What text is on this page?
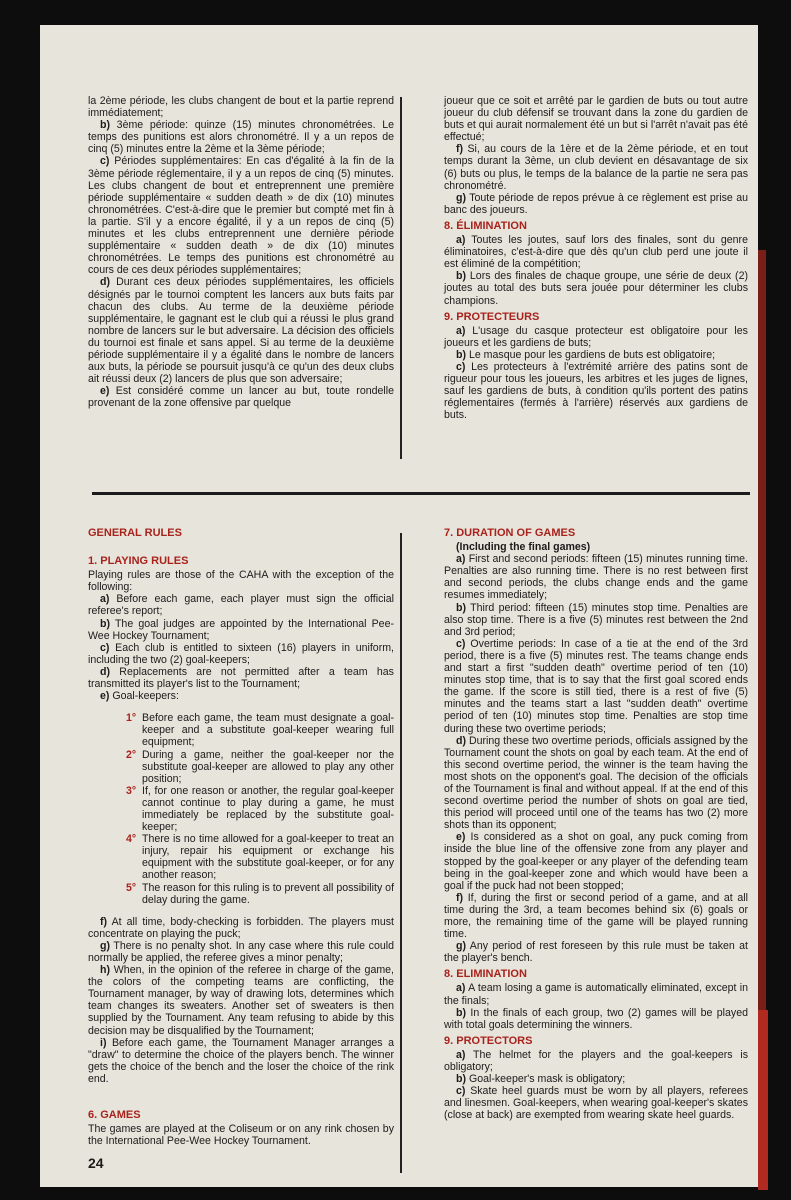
la 2ème période, les clubs changent de bout et la partie reprend immédiatement;

b) 3ème période: quinze (15) minutes chronométrées. Le temps des punitions est alors chronométré. Il y a un repos de cinq (5) minutes entre la 2ème et la 3ème période;

c) Périodes supplémentaires: En cas d'égalité à la fin de la 3ème période réglementaire, il y a un repos de cinq (5) minutes. Les clubs changent de bout et entreprennent une première période supplémentaire « sudden death » de dix (10) minutes chronométrées. C'est-à-dire que le premier but compté met fin à la partie. S'il y a encore égalité, il y a un repos de cinq (5) minutes et les clubs entreprennent une dernière période supplémentaire « sudden death » de dix (10) minutes chronométrées. Le temps des punitions est chronométré au cours de ces deux périodes supplémentaires;

d) Durant ces deux périodes supplémentaires, les officiels désignés par le tournoi comptent les lancers aux buts faits par chacun des clubs. Au terme de la deuxième période supplémentaire, le gagnant est le club qui a réussi le plus grand nombre de lancers sur le but adversaire. La décision des officiels du tournoi est finale et sans appel. Si au terme de la deuxième période supplémentaire il y a égalité dans le nombre de lancers aux buts, la période se poursuit jusqu'à ce qu'un des deux clubs ait réussi deux (2) lancers de plus que son adversaire;

e) Est considéré comme un lancer au but, toute rondelle provenant de la zone offensive par quelque

joueur que ce soit et arrêté par le gardien de buts ou tout autre joueur du club défensif se trouvant dans la zone du gardien de buts et qui aurait normalement été un but si l'arrêt n'avait pas été effectué;

f) Si, au cours de la 1ère et de la 2ème période, et en tout temps durant la 3ème, un club devient en désavantage de six (6) buts ou plus, le temps de la balance de la partie ne sera pas chronométré.

g) Toute période de repos prévue à ce règlement est prise au banc des joueurs.

8. ÉLIMINATION

a) Toutes les joutes, sauf lors des finales, sont du genre éliminatoires, c'est-à-dire que dès qu'un club perd une joute il est éliminé de la compétition;

b) Lors des finales de chaque groupe, une série de deux (2) joutes au total des buts sera jouée pour déterminer les clubs champions.

9. PROTECTEURS

a) L'usage du casque protecteur est obligatoire pour les joueurs et les gardiens de buts;

b) Le masque pour les gardiens de buts est obligatoire;

c) Les protecteurs à l'extrémité arrière des patins sont de rigueur pour tous les joueurs, les arbitres et les juges de lignes, sauf les gardiens de buts, à condition qu'ils portent des patins réglementaires (fermés à l'arrière) réservés aux gardiens de buts.

GENERAL RULES
1. PLAYING RULES

Playing rules are those of the CAHA with the exception of the following:

a) Before each game, each player must sign the official referee's report;

b) The goal judges are appointed by the International Pee-Wee Hockey Tournament;

c) Each club is entitled to sixteen (16) players in uniform, including the two (2) goal-keepers;

d) Replacements are not permitted after a team has transmitted its player's list to the Tournament;

e) Goal-keepers:

1° Before each game, the team must designate a goal-keeper and a substitute goal-keeper wearing full equipment;
2° During a game, neither the goal-keeper nor the substitute goal-keeper are allowed to play any other position;
3° If, for one reason or another, the regular goal-keeper cannot continue to play during a game, he must immediately be replaced by the substitute goal-keeper;
4° There is no time allowed for a goal-keeper to treat an injury, repair his equipment or exchange his equipment with the substitute goal-keeper, or for any another reason;
5° The reason for this ruling is to prevent all possibility of delay during the game.

f) At all time, body-checking is forbidden. The players must concentrate on playing the puck;

g) There is no penalty shot. In any case where this rule could normally be applied, the referee gives a minor penalty;

h) When, in the opinion of the referee in charge of the game, the colors of the competing teams are conflicting, the Tournament manager, by way of drawing lots, determines which team changes its sweaters. Another set of sweaters is then supplied by the Tournament. Any team refusing to abide by this decision may be disqualified by the Tournament;

i) Before each game, the Tournament Manager arranges a "draw" to determine the choice of the players bench. The winner gets the choice of the bench and the loser the choice of the rink end.

6. GAMES

The games are played at the Coliseum or on any rink chosen by the International Pee-Wee Hockey Tournament.

7. DURATION OF GAMES
(Including the final games)

a) First and second periods: fifteen (15) minutes running time. Penalties are also running time. There is no rest between first and second periods, the clubs change ends and the game resumes immediately;

b) Third period: fifteen (15) minutes stop time. Penalties are also stop time. There is a five (5) minutes rest between the 2nd and 3rd period;

c) Overtime periods: In case of a tie at the end of the 3rd period, there is a five (5) minutes rest. The teams change ends and start a first "sudden death" overtime period of ten (10) minutes stop time, that is to say that the first goal scored ends the game. If the score is still tied, there is a rest of five (5) minutes and the teams start a last "sudden death" overtime period of ten (10) minutes stop time. Penalties are stop time during these two overtime periods;

d) During these two overtime periods, officials assigned by the Tournament count the shots on goal by each team. At the end of this second overtime period, the winner is the team having the most shots on the opponent's goal. The decision of the officials of the Tournament is final and without appeal. If at the end of this second overtime period the number of shots on goal are tied, this period will proceed until one of the teams has two (2) more shots than its opponent;

e) Is considered as a shot on goal, any puck coming from inside the blue line of the offensive zone from any player and stopped by the goal-keeper or any player of the defending team being in the goal-keeper zone and which would have been a goal if the puck had not been stopped;

f) If, during the first or second period of a game, and at all time during the 3rd, a team becomes behind six (6) goals or more, the remaining time of the game will be played running time.

g) Any period of rest foreseen by this rule must be taken at the player's bench.

8. ELIMINATION

a) A team losing a game is automatically eliminated, except in the finals;

b) In the finals of each group, two (2) games will be played with total goals determining the winners.

9. PROTECTORS

a) The helmet for the players and the goal-keepers is obligatory;

b) Goal-keeper's mask is obligatory;

c) Skate heel guards must be worn by all players, referees and linesmen. Goal-keepers, when wearing goal-keeper's skates (close at back) are exempted from wearing skate heel guards.

24
